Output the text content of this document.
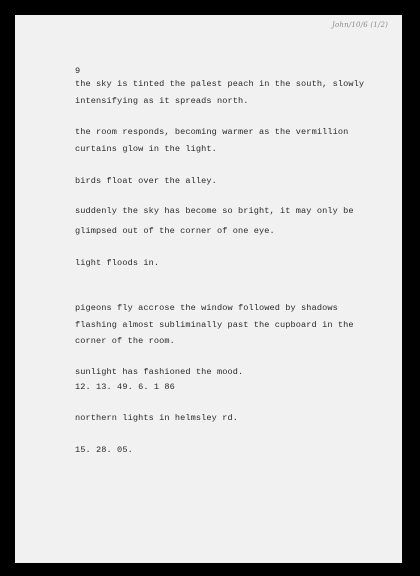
John/10/6 (1/2)
9
the sky is tinted the palest peach in the south, slowly
intensifying as it spreads north.
the room responds, becoming warmer as the vermillion
curtains glow in the light.
birds float over the alley.
suddenly the sky has become so bright, it may only be
glimpsed out of the corner of one eye.
light floods in.
pigeons fly accrose the window followed by shadows
flashing almost subliminally past the cupboard in the
corner of the room.
sunlight has fashioned the mood.
12. 13. 49. 6. 1 86
northern lights in helmsley rd.
15. 28. 05.
